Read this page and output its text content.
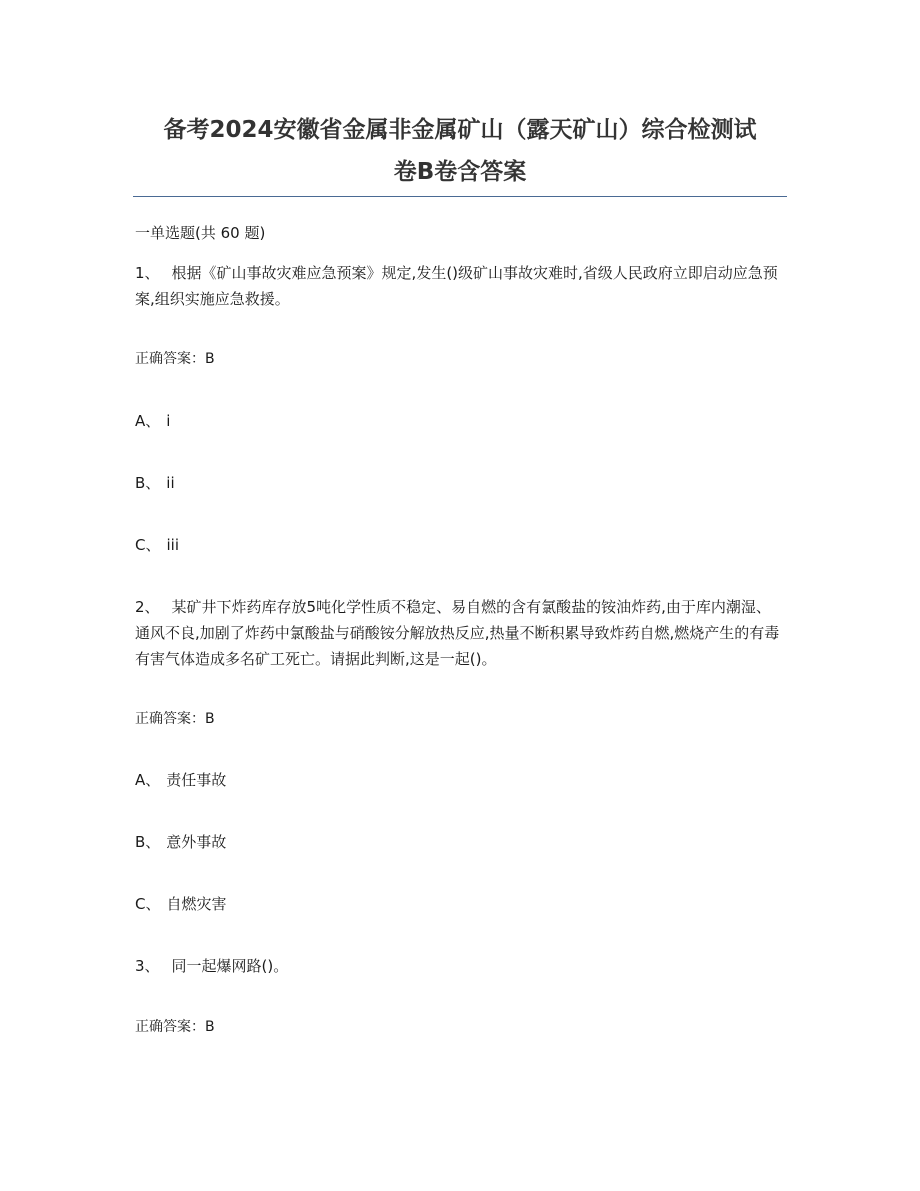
备考2024安徽省金属非金属矿山（露天矿山）综合检测试
卷B卷含答案
一单选题(共 60 题)
1、 根据《矿山事故灾难应急预案》规定,发生()级矿山事故灾难时,省级人民政府立即启动应急预案,组织实施应急救援。
正确答案：B
A、 i
B、 ii
C、 iii
2、 某矿井下炸药库存放5吨化学性质不稳定、易自燃的含有氯酸盐的铵油炸药,由于库内潮湿、通风不良,加剧了炸药中氯酸盐与硝酸铵分解放热反应,热量不断积累导致炸药自燃,燃烧产生的有毒有害气体造成多名矿工死亡。请据此判断,这是一起()。
正确答案：B
A、 责任事故
B、 意外事故
C、 自燃灾害
3、 同一起爆网路()。
正确答案：B
